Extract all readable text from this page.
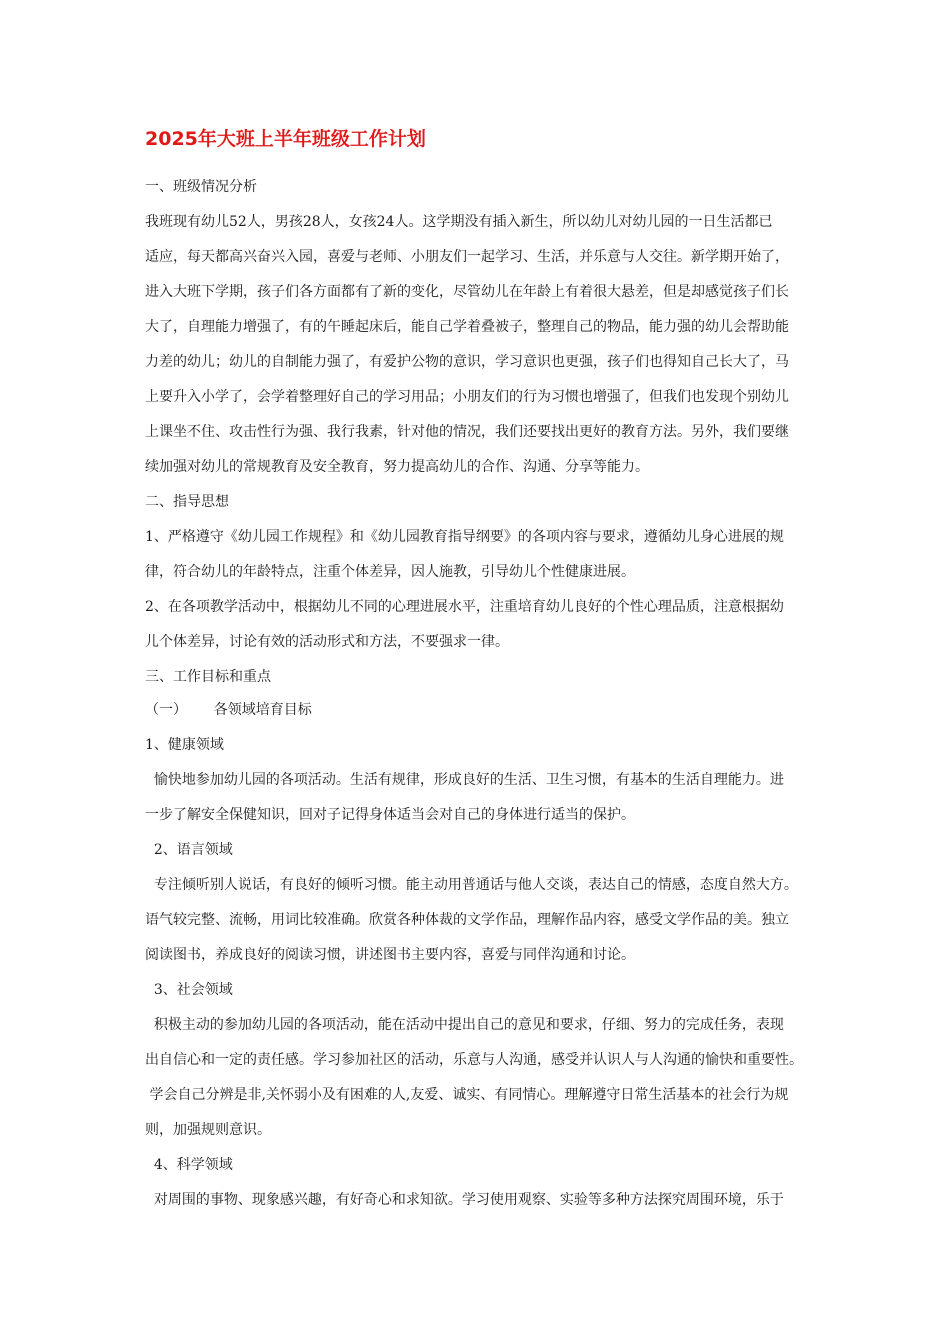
2025年大班上半年班级工作计划
一、班级情况分析
我班现有幼儿52人，男孩28人，女孩24人。这学期没有插入新生，所以幼儿对幼儿园的一日生活都已
适应，每天都高兴奋兴入园，喜爱与老师、小朋友们一起学习、生活，并乐意与人交往。新学期开始了，
进入大班下学期，孩子们各方面都有了新的变化，尽管幼儿在年龄上有着很大悬差，但是却感觉孩子们长
大了，自理能力增强了，有的午睡起床后，能自己学着叠被子，整理自己的物品，能力强的幼儿会帮助能
力差的幼儿；幼儿的自制能力强了，有爱护公物的意识，学习意识也更强，孩子们也得知自己长大了，马
上要升入小学了，会学着整理好自己的学习用品；小朋友们的行为习惯也增强了，但我们也发现个别幼儿
上课坐不住、攻击性行为强、我行我素，针对他的情况，我们还要找出更好的教育方法。另外，我们要继
续加强对幼儿的常规教育及安全教育，努力提高幼儿的合作、沟通、分享等能力。
二、指导思想
1、严格遵守《幼儿园工作规程》和《幼儿园教育指导纲要》的各项内容与要求，遵循幼儿身心进展的规
律，符合幼儿的年龄特点，注重个体差异，因人施教，引导幼儿个性健康进展。
2、在各项教学活动中，根据幼儿不同的心理进展水平，注重培育幼儿良好的个性心理品质，注意根据幼
儿个体差异，讨论有效的活动形式和方法，不要强求一律。
三、工作目标和重点
（一）      各领域培育目标
1、健康领域
愉快地参加幼儿园的各项活动。生活有规律，形成良好的生活、卫生习惯，有基本的生活自理能力。进
一步了解安全保健知识，回对子记得身体适当会对自己的身体进行适当的保护。
2、语言领域
专注倾听别人说话，有良好的倾听习惯。能主动用普通话与他人交谈，表达自己的情感，态度自然大方。
语气较完整、流畅，用词比较准确。欣赏各种体裁的文学作品，理解作品内容，感受文学作品的美。独立
阅读图书，养成良好的阅读习惯，讲述图书主要内容，喜爱与同伴沟通和讨论。
3、社会领域
积极主动的参加幼儿园的各项活动，能在活动中提出自己的意见和要求，仔细、努力的完成任务，表现
出自信心和一定的责任感。学习参加社区的活动，乐意与人沟通，感受并认识人与人沟通的愉快和重要性。
学会自己分辨是非,关怀弱小及有困难的人,友爱、诚实、有同情心。理解遵守日常生活基本的社会行为规
则，加强规则意识。
4、科学领域
对周围的事物、现象感兴趣，有好奇心和求知欲。学习使用观察、实验等多种方法探究周围环境，乐于
